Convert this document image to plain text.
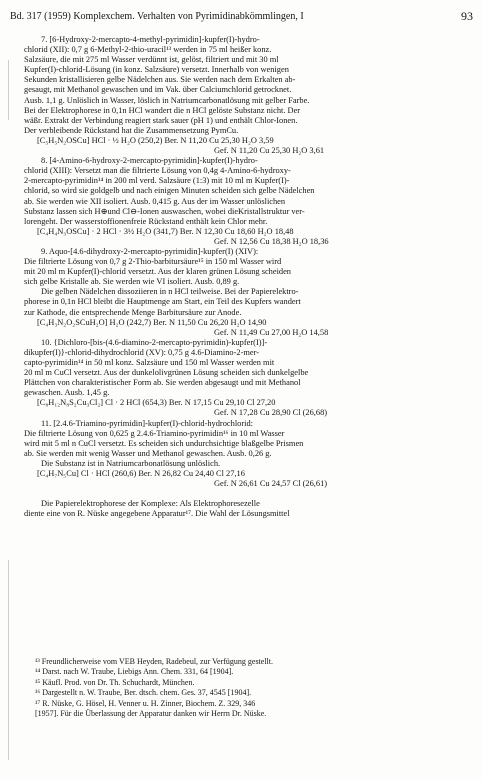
Bd. 317 (1959) Komplexchem. Verhalten von Pyrimidinabkömmlingen, I	93
7. [6-Hydroxy-2-mercapto-4-methyl-pyrimidin]-kupfer(I)-hydro-
chlorid (XII): 0,7 g 6-Methyl-2-thio-uracil¹³ werden in 75 ml heißer konz.
Salzsäure, die mit 275 ml Wasser verdünnt ist, gelöst, filtriert und mit 30 ml
Kupfer(I)-chlorid-Lösung (in konz. Salzsäure) versetzt. Innerhalb von wenigen
Sekunden kristallisieren gelbe Nädelchen aus. Sie werden nach dem Erkalten ab-
gesaugt, mit Methanol gewaschen und im Vak. über Calciumchlorid getrocknet.
Ausb. 1,1 g. Unlöslich in Wasser, löslich in Natriumcarbonatlösung mit gelber Farbe.
Bei der Elektrophorese in 0,1n HCl wandert die n HCl gelöste Substanz nicht. Der
wäßr. Extrakt der Verbindung reagiert stark sauer (pH 1) und enthält Chlor-Ionen.
Der verbleibende Rückstand hat die Zusammensetzung PymCu.
[C₅H₅N₂OSCu] HCl · ½ H₂O (250,2) Ber. N 11,20 Cu 25,30 H₂O 3,59
Gef. N 11,20 Cu 25,30 H₂O 3,61
8. [4-Amino-6-hydroxy-2-mercapto-pyrimidin]-kupfer(I)-hydro-
chlorid (XIII): Versetzt man die filtrierte Lösung von 0,4g 4-Amino-6-hydroxy-
2-mercapto-pyrimidin¹⁴ in 200 ml verd. Salzsäure (1:3) mit 10 ml m Kupfer(I)-
chlorid, so wird sie goldgelb und nach einigen Minuten scheiden sich gelbe Nädelchen
ab. Sie werden wie XII isoliert. Ausb. 0,415 g. Aus der im Wasser unlöslichen
Substanz lassen sich H⊕und Cl⊖-Ionen auswaschen, wobei dieKristallstruktur ver-
lorengeht. Der wasserstoffionenfreie Rückstand enthält kein Chlor mehr.
[C₄H₄N₃OSCu] · 2 HCl · 3½ H₂O (341,7) Ber. N 12,30 Cu 18,60 H₂O 18,48
Gef. N 12,56 Cu 18,38 H₂O 18,36
9. Aquo-[4.6-dihydroxy-2-mercapto-pyrimidin]-kupfer(I) (XIV):
Die filtrierte Lösung von 0,7 g 2-Thio-barbitursäure¹⁵ in 150 ml Wasser wird
mit 20 ml m Kupfer(I)-chlorid versetzt. Aus der klaren grünen Lösung scheiden
sich gelbe Kristalle ab. Sie werden wie VI isoliert. Ausb. 0,89 g.
Die gelben Nädelchen dissoziieren in n HCl teilweise. Bei der Papierelektro-
phorese in 0,1n HCl bleibt die Hauptmenge am Start, ein Teil des Kupfers wandert
zur Kathode, die entsprechende Menge Barbitursäure zur Anode.
[C₄H₃N₂O₂SCuH₂O] H₂O (242,7) Ber. N 11,50 Cu 26,20 H₂O 14,90
Gef. N 11,49 Cu 27,00 H₂O 14,58
10. {Dichloro-[bis-(4.6-diamino-2-mercapto-pyrimidin)-kupfer(I)]-
dikupfer(I)}-chlorid-dihydrochlorid (XV): 0,75 g 4.6-Diamino-2-mer-
capto-pyrimidin¹⁴ in 50 ml konz. Salzsäure und 150 ml Wasser werden mit
20 ml m CuCl versetzt. Aus der dunkelolivgrünen Lösung scheiden sich dunkelgelbe
Plättchen von charakteristischer Form ab. Sie werden abgesaugt und mit Methanol
gewaschen. Ausb. 1,45 g.
[C₈H₁₂N₈S₂Cu₃Cl₂] Cl · 2 HCl (654,3) Ber. N 17,15 Cu 29,10 Cl 27,20
Gef. N 17,28 Cu 28,90 Cl (26,68)
11. [2.4.6-Triamino-pyrimidin]-kupfer(I)-chlorid-hydrochlorid:
Die filtrierte Lösung von 0,625 g 2.4.6-Triamino-pyrimidin¹⁶ in 10 ml Wasser
wird mit 5 ml n CuCl versetzt. Es scheiden sich undurchsichtige blaßgelbe Prismen
ab. Sie werden mit wenig Wasser und Methanol gewaschen. Ausb. 0,26 g.
Die Substanz ist in Natriumcarbonatlösung unlöslich.
[C₄H₇N₅Cu] Cl · HCl (260,6) Ber. N 26,82 Cu 24,40 Cl 27,16
Gef. N 26,61 Cu 24,57 Cl (26,61)
Die Papierelektrophorese der Komplexe: Als Elektrophoresezelle
diente eine von R. Nüske angegebene Apparatur¹⁷. Die Wahl der Lösungsmittel
¹³ Freundlicherweise vom VEB Heyden, Radebeul, zur Verfügung gestellt.
¹⁴ Darst. nach W. Traube, Liebigs Ann. Chem. 331, 64 [1904].
¹⁵ Käufl. Prod. von Dr. Th. Schuchardt, München.
¹⁶ Dargestellt n. W. Traube, Ber. dtsch. chem. Ges. 37, 4545 [1904].
¹⁷ R. Nüske, G. Hösel, H. Venner u. H. Zinner, Biochem. Z. 329, 346
[1957]. Für die Überlassung der Apparatur danken wir Herrn Dr. Nüske.
